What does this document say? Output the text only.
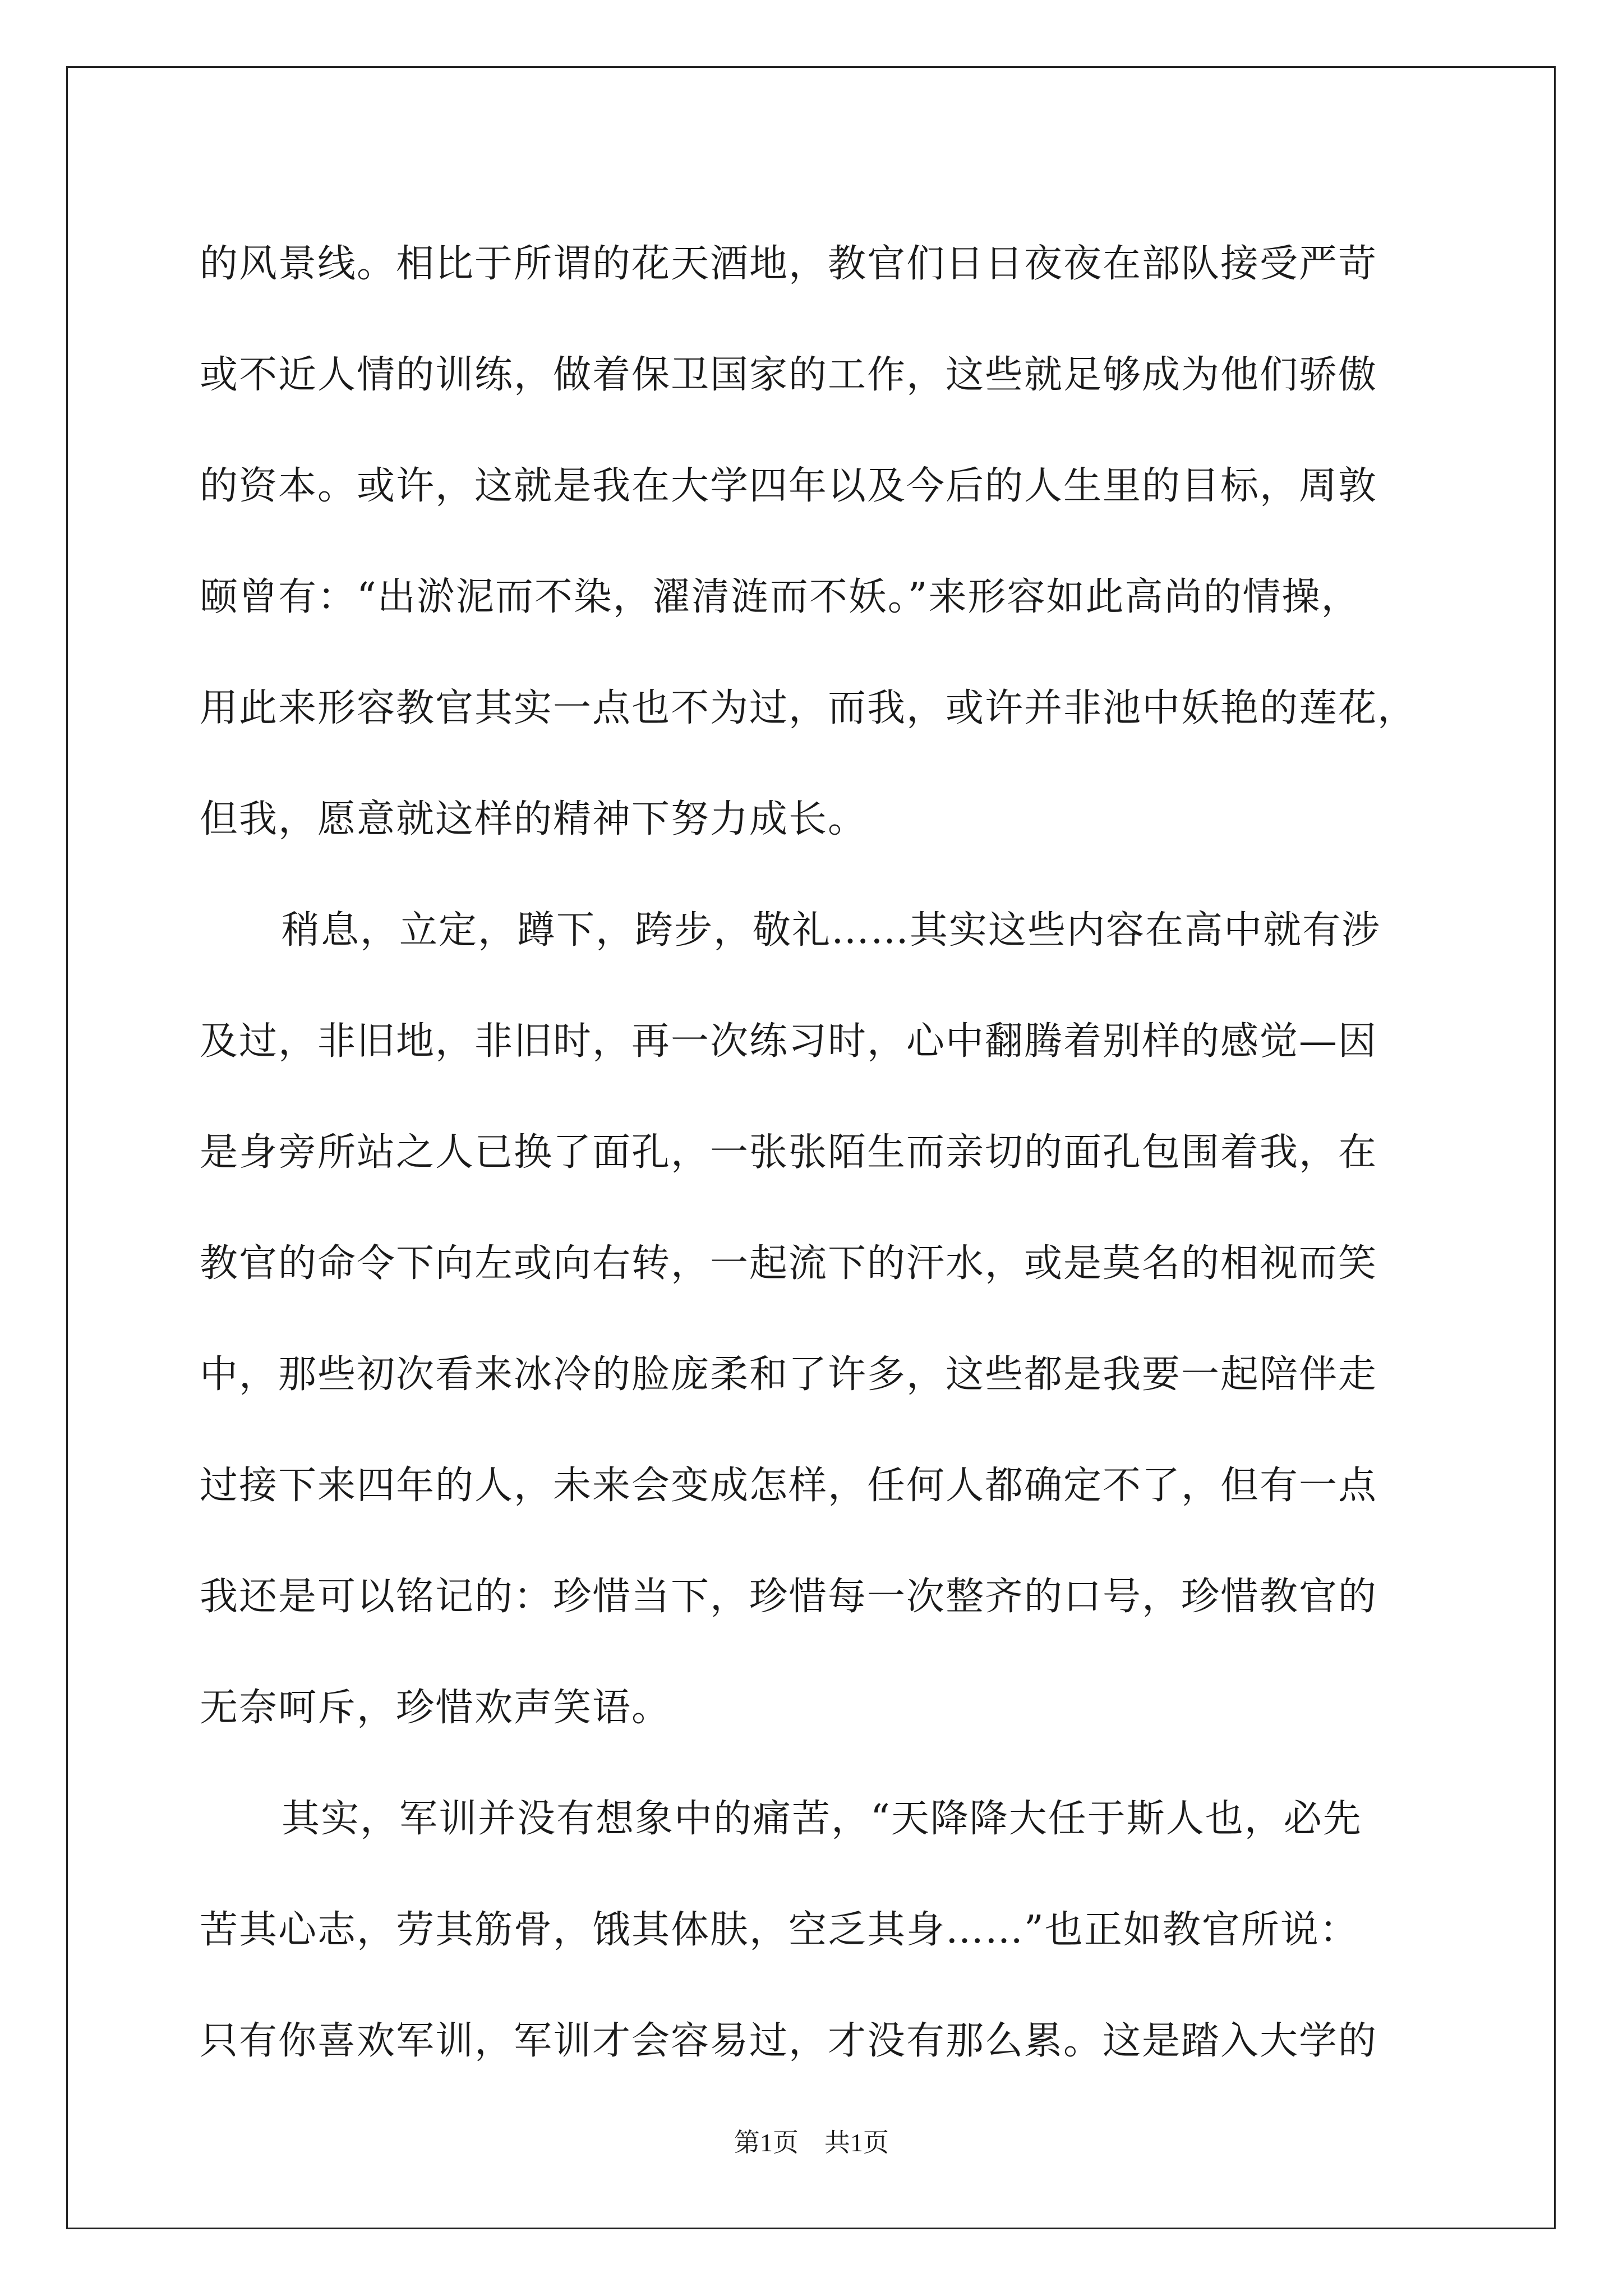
的风景线。相比于所谓的花天酒地，教官们日日夜夜在部队接受严苛
或不近人情的训练，做着保卫国家的工作，这些就足够成为他们骄傲
的资本。或许，这就是我在大学四年以及今后的人生里的目标，周敦
颐曾有：“出淤泥而不染，濯清涟而不妖。”来形容如此高尚的情操，
用此来形容教官其实一点也不为过，而我，或许并非池中妖艳的莲花，
但我，愿意就这样的精神下努力成长。
稍息，立定，蹲下，跨步，敬礼……其实这些内容在高中就有涉
及过，非旧地，非旧时，再一次练习时，心中翻腾着别样的感觉—因
是身旁所站之人已换了面孔，一张张陌生而亲切的面孔包围着我，在
教官的命令下向左或向右转，一起流下的汗水，或是莫名的相视而笑
中，那些初次看来冰冷的脸庞柔和了许多，这些都是我要一起陪伴走
过接下来四年的人，未来会变成怎样，任何人都确定不了，但有一点
我还是可以铭记的：珍惜当下，珍惜每一次整齐的口号，珍惜教官的
无奈呵斥，珍惜欢声笑语。
其实，军训并没有想象中的痛苦，“天降降大任于斯人也，必先
苦其心志，劳其筋骨，饿其体肤，空乏其身……”也正如教官所说：
只有你喜欢军训，军训才会容易过，才没有那么累。这是踏入大学的
第1页 共1页
